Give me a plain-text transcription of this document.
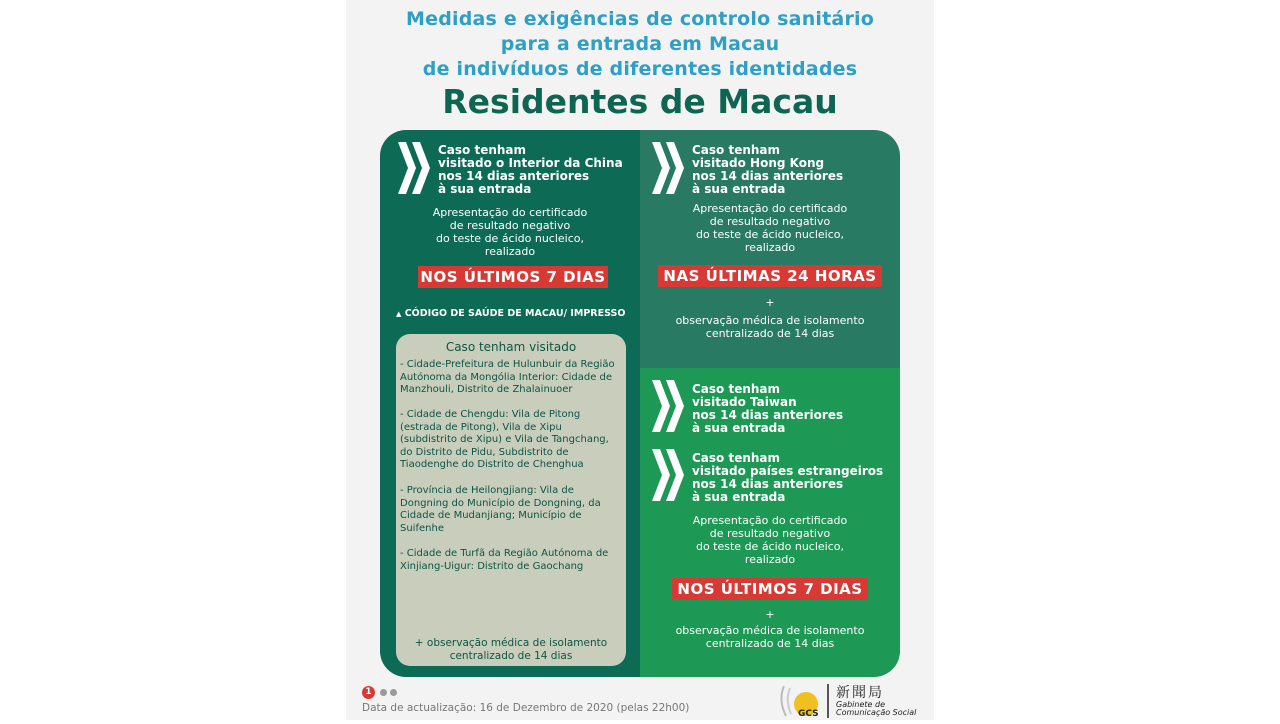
Medidas e exigências de controlo sanitário
para a entrada em Macau
de indivíduos de diferentes identidades
Residentes de Macau
Caso tenham
visitado o Interior da China
nos 14 dias anteriores
à sua entrada
Apresentação do certificado
de resultado negativo
do teste de ácido nucleico,
realizado
NOS ÚLTIMOS 7 DIAS
▲ CÓDIGO DE SAÚDE DE MACAU/ IMPRESSO
Caso tenham visitado
- Cidade-Prefeitura de Hulunbuir da Região
Autónoma da Mongólia Interior: Cidade de
Manzhouli, Distrito de Zhalainuoer
- Cidade de Chengdu: Vila de Pitong
(estrada de Pitong), Vila de Xipu
(subdistrito de Xipu) e Vila de Tangchang,
do Distrito de Pidu, Subdistrito de
Tiaodenghe do Distrito de Chenghua
- Província de Heilongjiang: Vila de
Dongning do Município de Dongning, da
Cidade de Mudanjiang; Município de
Suifenhe
- Cidade de Turfã da Região Autónoma de
Xinjiang-Uigur: Distrito de Gaochang
+ observação médica de isolamento
centralizado de 14 dias
Caso tenham
visitado Hong Kong
nos 14 dias anteriores
à sua entrada
Apresentação do certificado
de resultado negativo
do teste de ácido nucleico,
realizado
NAS ÚLTIMAS 24 HORAS
+
observação médica de isolamento
centralizado de 14 dias
Caso tenham
visitado Taiwan
nos 14 dias anteriores
à sua entrada
Caso tenham
visitado países estrangeiros
nos 14 dias anteriores
à sua entrada
Apresentação do certificado
de resultado negativo
do teste de ácido nucleico,
realizado
NOS ÚLTIMOS 7 DIAS
+
observação médica de isolamento
centralizado de 14 dias
1
Data de actualização: 16 de Dezembro de 2020 (pelas 22h00)	GCS
新聞局
Gabinete de
Comunicação Social
